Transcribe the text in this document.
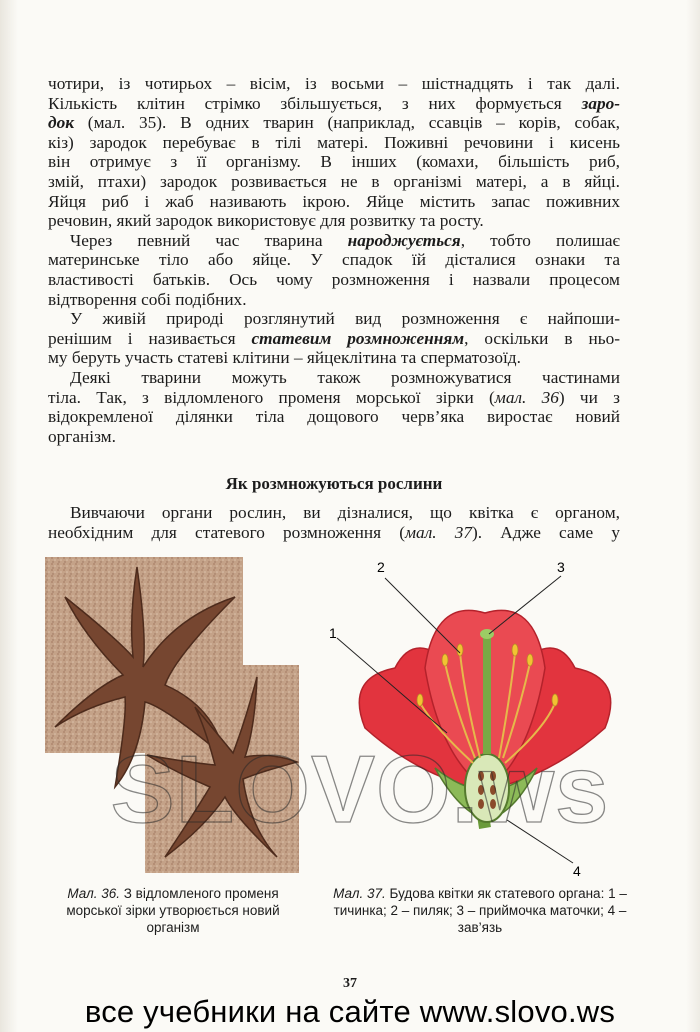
чотири, із чотирьох – вісім, із восьми – шістнадцять і так далі.
Кількість клітин стрімко збільшується, з них формується заро-
док (мал. 35). В одних тварин (наприклад, ссавців – корів, собак,
кіз) зародок перебуває в тілі матері. Поживні речовини і кисень
він отримує з її організму. В інших (комахи, більшість риб,
змій, птахи) зародок розвивається не в організмі матері, а в яйці.
Яйця риб і жаб називають ікрою. Яйце містить запас поживних
речовин, який зародок використовує для розвитку та росту.

Через певний час тварина народжується, тобто полишає
материнське тіло або яйце. У спадок їй дісталися ознаки та
властивості батьків. Ось чому розмноження і назвали процесом
відтворення собі подібних.

У живій природі розглянутий вид розмноження є найпоши-
ренішим і називається статевим розмноженням, оскільки в ньо-
му беруть участь статеві клітини – яйцеклітина та сперматозоїд.

Деякі тварини можуть також розмножуватися частинами
тіла. Так, з відломленого променя морської зірки (мал. 36) чи з
відокремленої ділянки тіла дощового черв’яка виростає новий
організм.

Як розмножуються рослини
Вивчаючи органи рослин, ви дізналися, що квітка є органом,
необхідним для статевого розмноження (мал. 37). Адже саме у
1
2	3
4
Мал. 36. З відломленого променя морської зірки утворюється новий організм
Мал. 37. Будова квітки як статевого органа: 1 – тичинка; 2 – пиляк; 3 – приймочка маточки; 4 – зав’язь
37
все учебники на сайте www.slovo.ws
